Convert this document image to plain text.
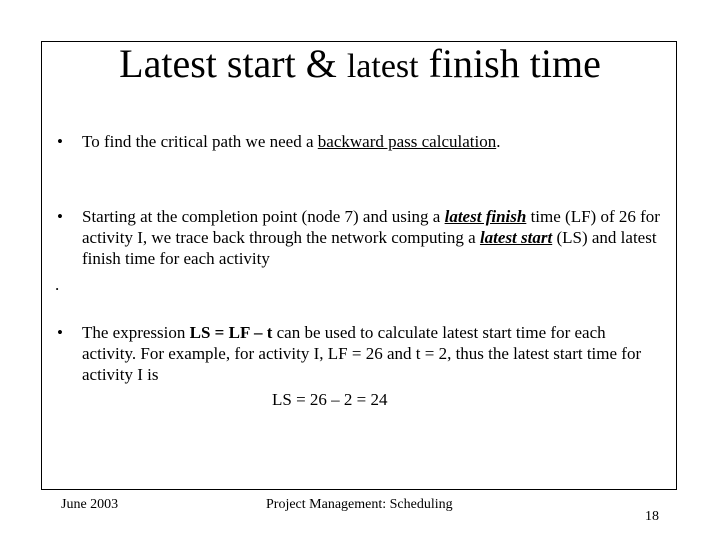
Latest start & latest finish time
• To find the critical path we need a backward pass calculation.
• Starting at the completion point (node 7) and using a latest finish time (LF) of 26 for activity I, we trace back through the network computing a latest start (LS) and latest finish time for each activity
.
• The expression LS = LF – t can be used to calculate latest start time for each activity. For example, for activity I, LF = 26 and t = 2, thus the latest start time for activity I is
LS = 26 – 2 = 24
June 2003	Project Management: Scheduling
18
